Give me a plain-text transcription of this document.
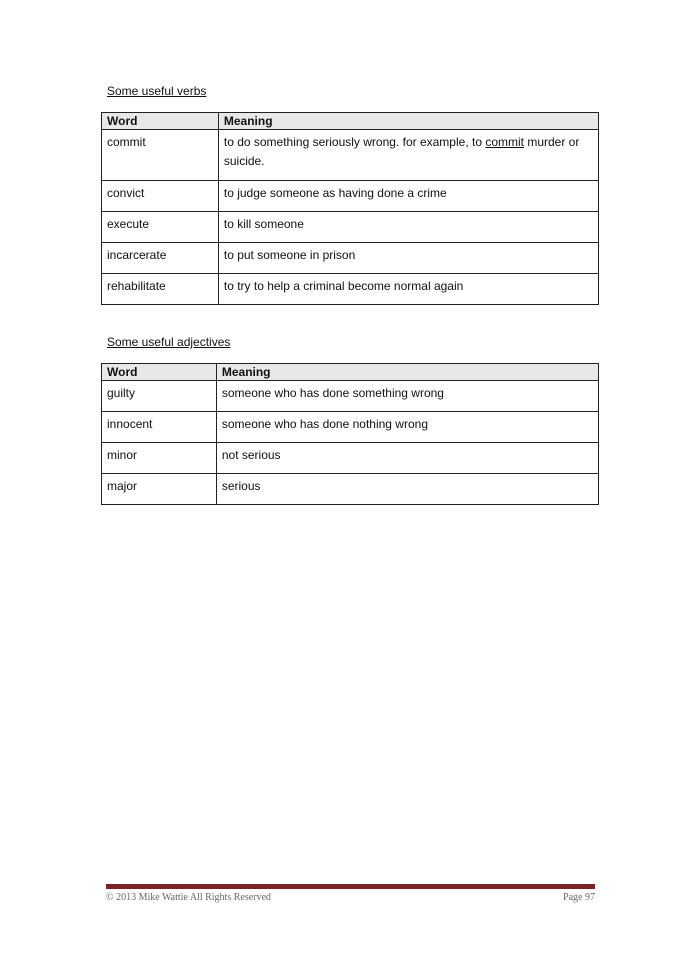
Some useful verbs
Word	Meaning
commit	to do something seriously wrong. for example, to commit murder or suicide.
convict	to judge someone as having done a crime
execute	to kill someone
incarcerate	to put someone in prison
rehabilitate	to try to help a criminal become normal again
Some useful adjectives
Word	Meaning
guilty	someone who has done something wrong
innocent	someone who has done nothing wrong
minor	not serious
major	serious
© 2013 Mike Wattie All Rights Reserved	Page 97
